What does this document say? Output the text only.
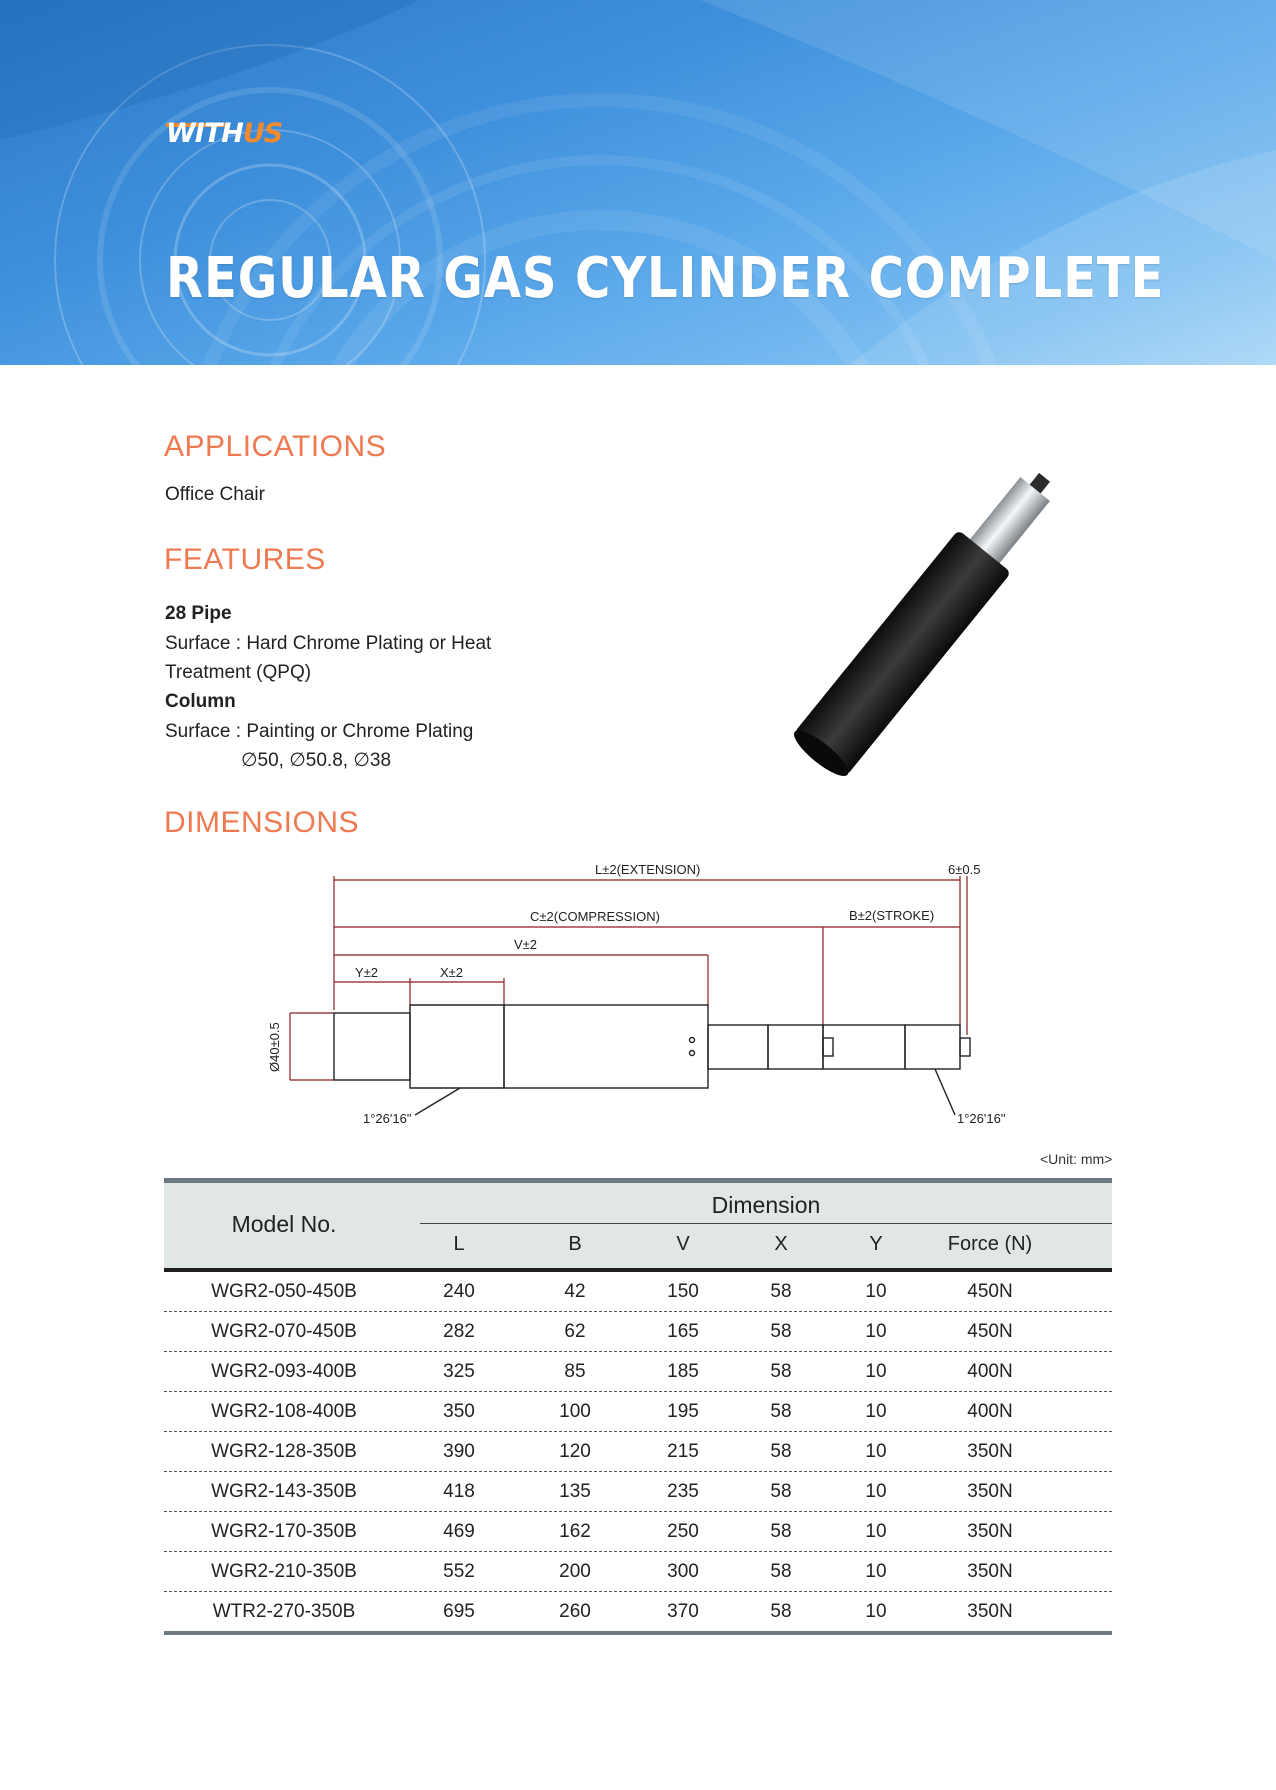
WITHUS
REGULAR GAS CYLINDER COMPLETE
APPLICATIONS
Office Chair
FEATURES
28 Pipe
Surface : Hard Chrome Plating or Heat
Treatment (QPQ)
Column
Surface : Painting or Chrome Plating
∅50, ∅50.8, ∅38
DIMENSIONS
L±2(EXTENSION)	6±0.5
C±2(COMPRESSION)	B±2(STROKE)
V±2
Y±2	X±2
Ø40±0.5
1°26'16"	1°26'16"
<Unit: mm>
Model No.
Dimension
L	B	V	X	Y	Force (N)
WGR2-050-450B	240	42	150	58	10	450N
WGR2-070-450B	282	62	165	58	10	450N
WGR2-093-400B	325	85	185	58	10	400N
WGR2-108-400B	350	100	195	58	10	400N
WGR2-128-350B	390	120	215	58	10	350N
WGR2-143-350B	418	135	235	58	10	350N
WGR2-170-350B	469	162	250	58	10	350N
WGR2-210-350B	552	200	300	58	10	350N
WTR2-270-350B	695	260	370	58	10	350N
